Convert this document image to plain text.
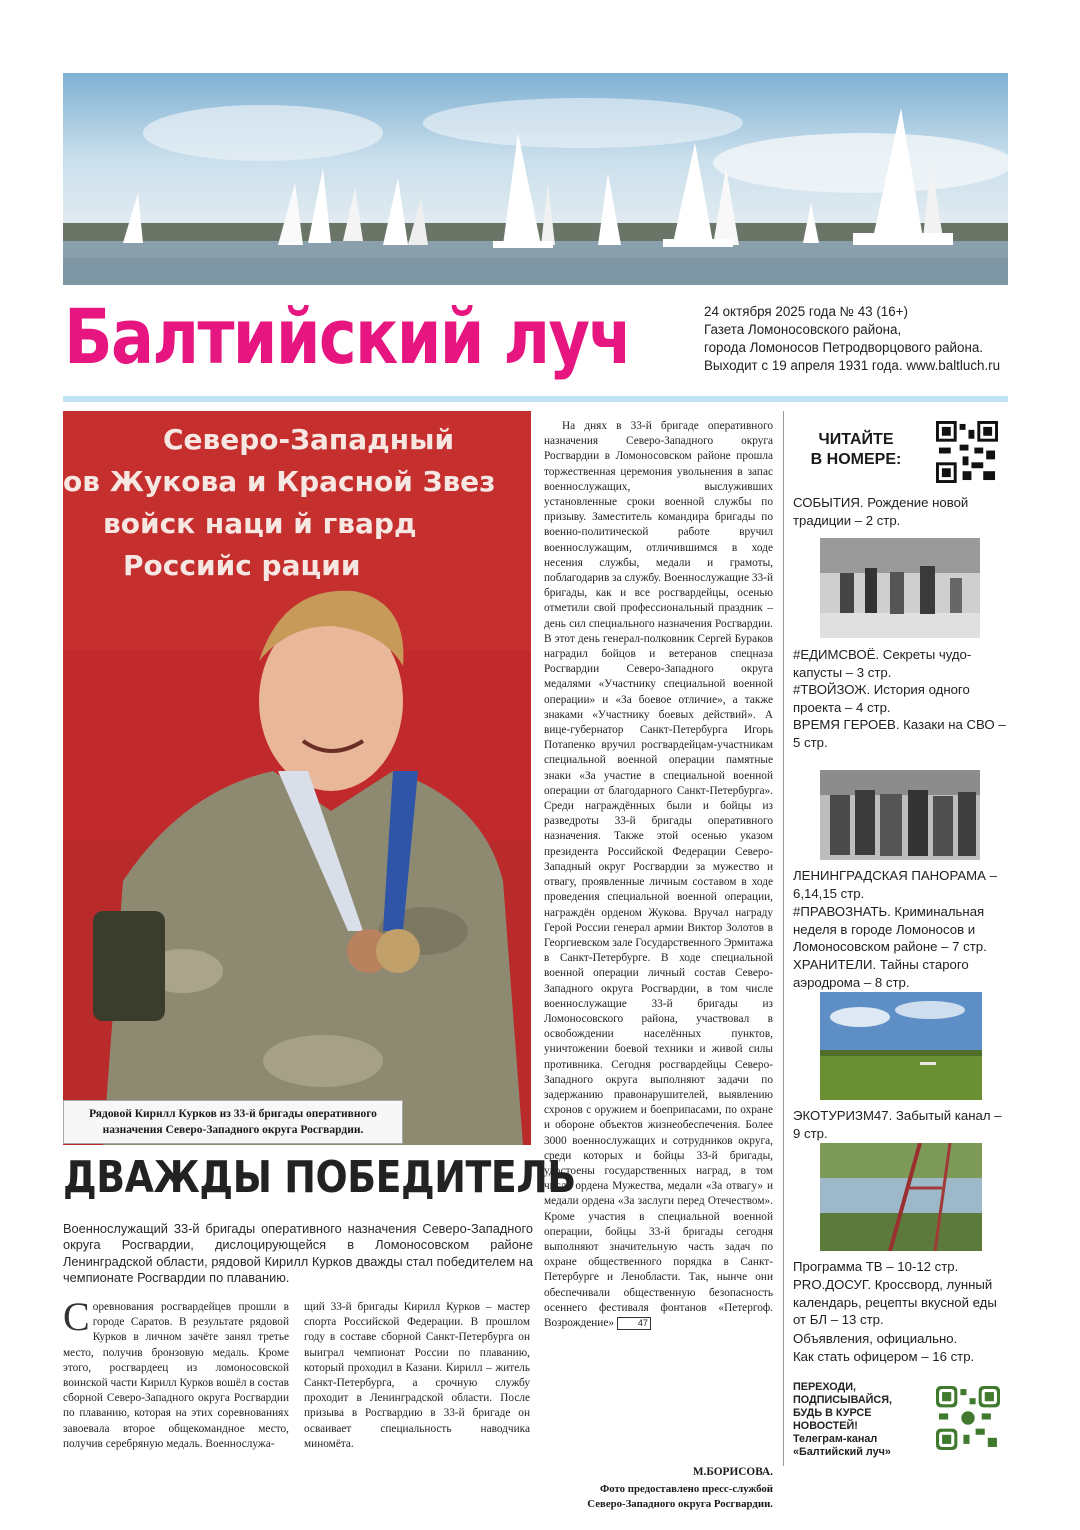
Балтийский луч	24 октября 2025 года № 43 (16+)
Газета Ломоносовского района,
города Ломоносов Петродворцового района.
Выходит с 19 апреля 1931 года. www.baltluch.ru
Северо-Западный
ов Жукова и Красной Звез
войск наци й гвард
Российс рации
Рядовой Кирилл Курков из 33-й бригады оперативного назначения Северо-Западного округа Росгвардии.
ДВАЖДЫ ПОБЕДИТЕЛЬ
Военнослужащий 33-й бригады оперативного назначения Северо-Западного округа Росгвардии, дислоцирующейся в Ломоносовском районе Ленинградской области, рядовой Кирилл Курков дважды стал победителем на чемпионате Росгвардии по плаванию.
Соревнования росгвардейцев прошли в городе Саратов. В результате рядовой Курков в личном зачёте занял третье место, получив бронзовую медаль. Кроме этого, росгвардеец из ломоносовской воинской части Кирилл Курков вошёл в состав сборной Северо-Западного округа Росгвардии по плаванию, которая на этих соревнованиях завоевала второе общекомандное место, получив серебряную медаль. Военнослужа-
щий 33-й бригады Кирилл Курков – мастер спорта Российской Федерации. В прошлом году в составе сборной Санкт-Петербурга он выиграл чемпионат России по плаванию, который проходил в Казани. Кирилл – житель Санкт-Петербурга, а срочную службу проходит в Ленинградской области. После призыва в Росгвардию в 33-й бригаде он осваивает специальность наводчика миномёта.
На днях в 33-й бригаде оперативного назначения Северо-Западного округа Росгвардии в Ломоносовском районе прошла торжественная церемония увольнения в запас военнослужащих, выслуживших установленные сроки военной службы по призыву. Заместитель командира бригады по военно-политической работе вручил военнослужащим, отличившимся в ходе несения службы, медали и грамоты, поблагодарив за службу. Военнослужащие 33-й бригады, как и все росгвардейцы, осенью отметили свой профессиональный праздник – день сил специального назначения Росгвардии. В этот день генерал-полковник Сергей Бураков наградил бойцов и ветеранов спецназа Росгвардии Северо-Западного округа медалями «Участнику специальной военной операции» и «За боевое отличие», а также знаками «Участнику боевых действий». А вице-губернатор Санкт-Петербурга Игорь Потапенко вручил росгвардейцам-участникам специальной военной операции памятные знаки «За участие в специальной военной операции от благодарного Санкт-Петербурга». Среди награждённых были и бойцы из разведроты 33-й бригады оперативного назначения. Также этой осенью указом президента Российской Федерации Северо-Западный округ Росгвардии за мужество и отвагу, проявленные личным составом в ходе проведения специальной военной операции, награждён орденом Жукова. Вручал награду Герой России генерал армии Виктор Золотов в Георгиевском зале Государственного Эрмитажа в Санкт-Петербурге. В ходе специальной военной операции личный состав Северо-Западного округа Росгвардии, в том числе военнослужащие 33-й бригады из Ломоносовского района, участвовал в освобождении населённых пунктов, уничтожении боевой техники и живой силы противника. Сегодня росгвардейцы Северо-Западного округа выполняют задачи по задержанию правонарушителей, выявлению схронов с оружием и боеприпасами, по охране и обороне объектов жизнеобеспечения. Более 3000 военнослужащих и сотрудников округа, среди которых и бойцы 33-й бригады, удостоены государственных наград, в том числе ордена Мужества, медали «За отвагу» и медали ордена «За заслуги перед Отечеством». Кроме участия в специальной военной операции, бойцы 33-й бригады сегодня выполняют значительную часть задач по охране общественного порядка в Санкт-Петербурге и Ленобласти. Так, нынче они обеспечивали общественную безопасность осеннего фестиваля фонтанов «Петергоф. Возрождение»	47
М.БОРИСОВА.
Фото предоставлено пресс-службой
Северо-Западного округа Росгвардии.
ЧИТАЙТЕ
В НОМЕРЕ:
СОБЫТИЯ. Рождение новой традиции – 2 стр.
#ЕДИМСВОЁ. Секреты чудо-капусты – 3 стр.
#ТВОЙЗОЖ. История одного проекта – 4 стр.
ВРЕМЯ ГЕРОЕВ. Казаки на СВО – 5 стр.
ЛЕНИНГРАДСКАЯ ПАНОРАМА – 6,14,15 стр.
#ПРАВОЗНАТЬ. Криминальная неделя в городе Ломоносов и Ломоносовском районе – 7 стр.
ХРАНИТЕЛИ. Тайны старого аэродрома – 8 стр.
ЭКОТУРИЗМ47. Забытый канал – 9 стр.
Программа ТВ – 10-12 стр.
PRO.ДОСУГ. Кроссворд, лунный календарь, рецепты вкусной еды от БЛ – 13 стр.
Объявления, официально.
Как стать офицером – 16 стр.
ПЕРЕХОДИ,
ПОДПИСЫВАЙСЯ,
БУДЬ В КУРСЕ
НОВОСТЕЙ!
Телеграм-канал
«Балтийский луч»
